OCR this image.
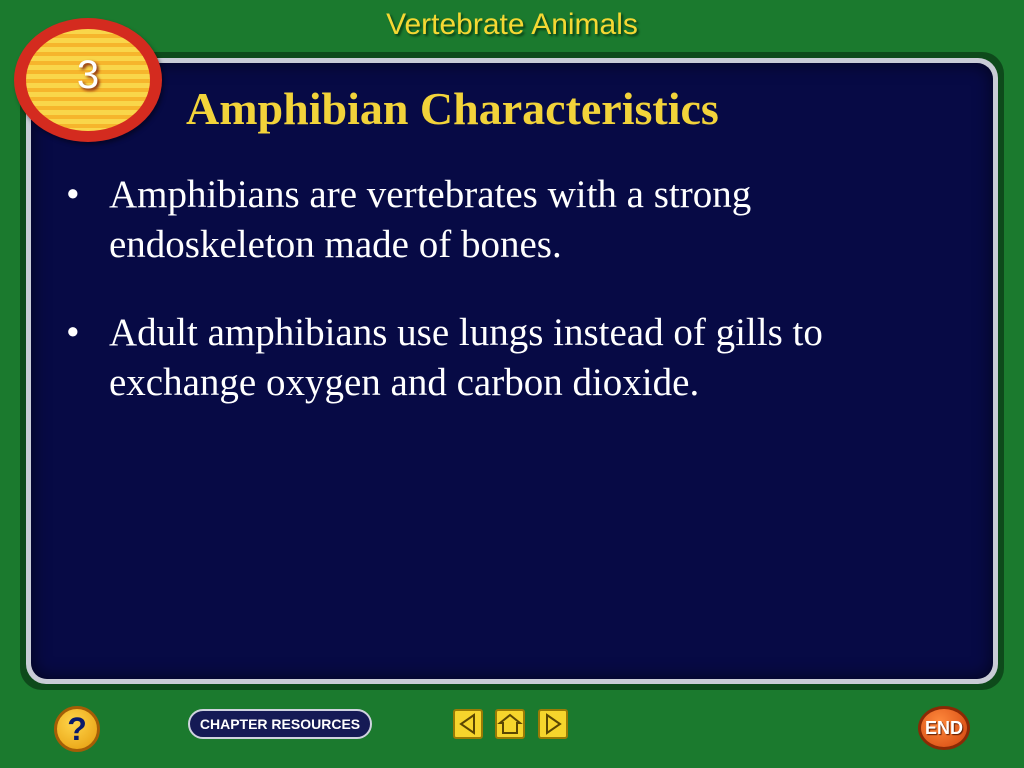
Vertebrate Animals
3
Amphibian Characteristics
• Amphibians are vertebrates with a strong endoskeleton made of bones.
• Adult amphibians use lungs instead of gills to exchange oxygen and carbon dioxide.
?	CHAPTER RESOURCES	END
